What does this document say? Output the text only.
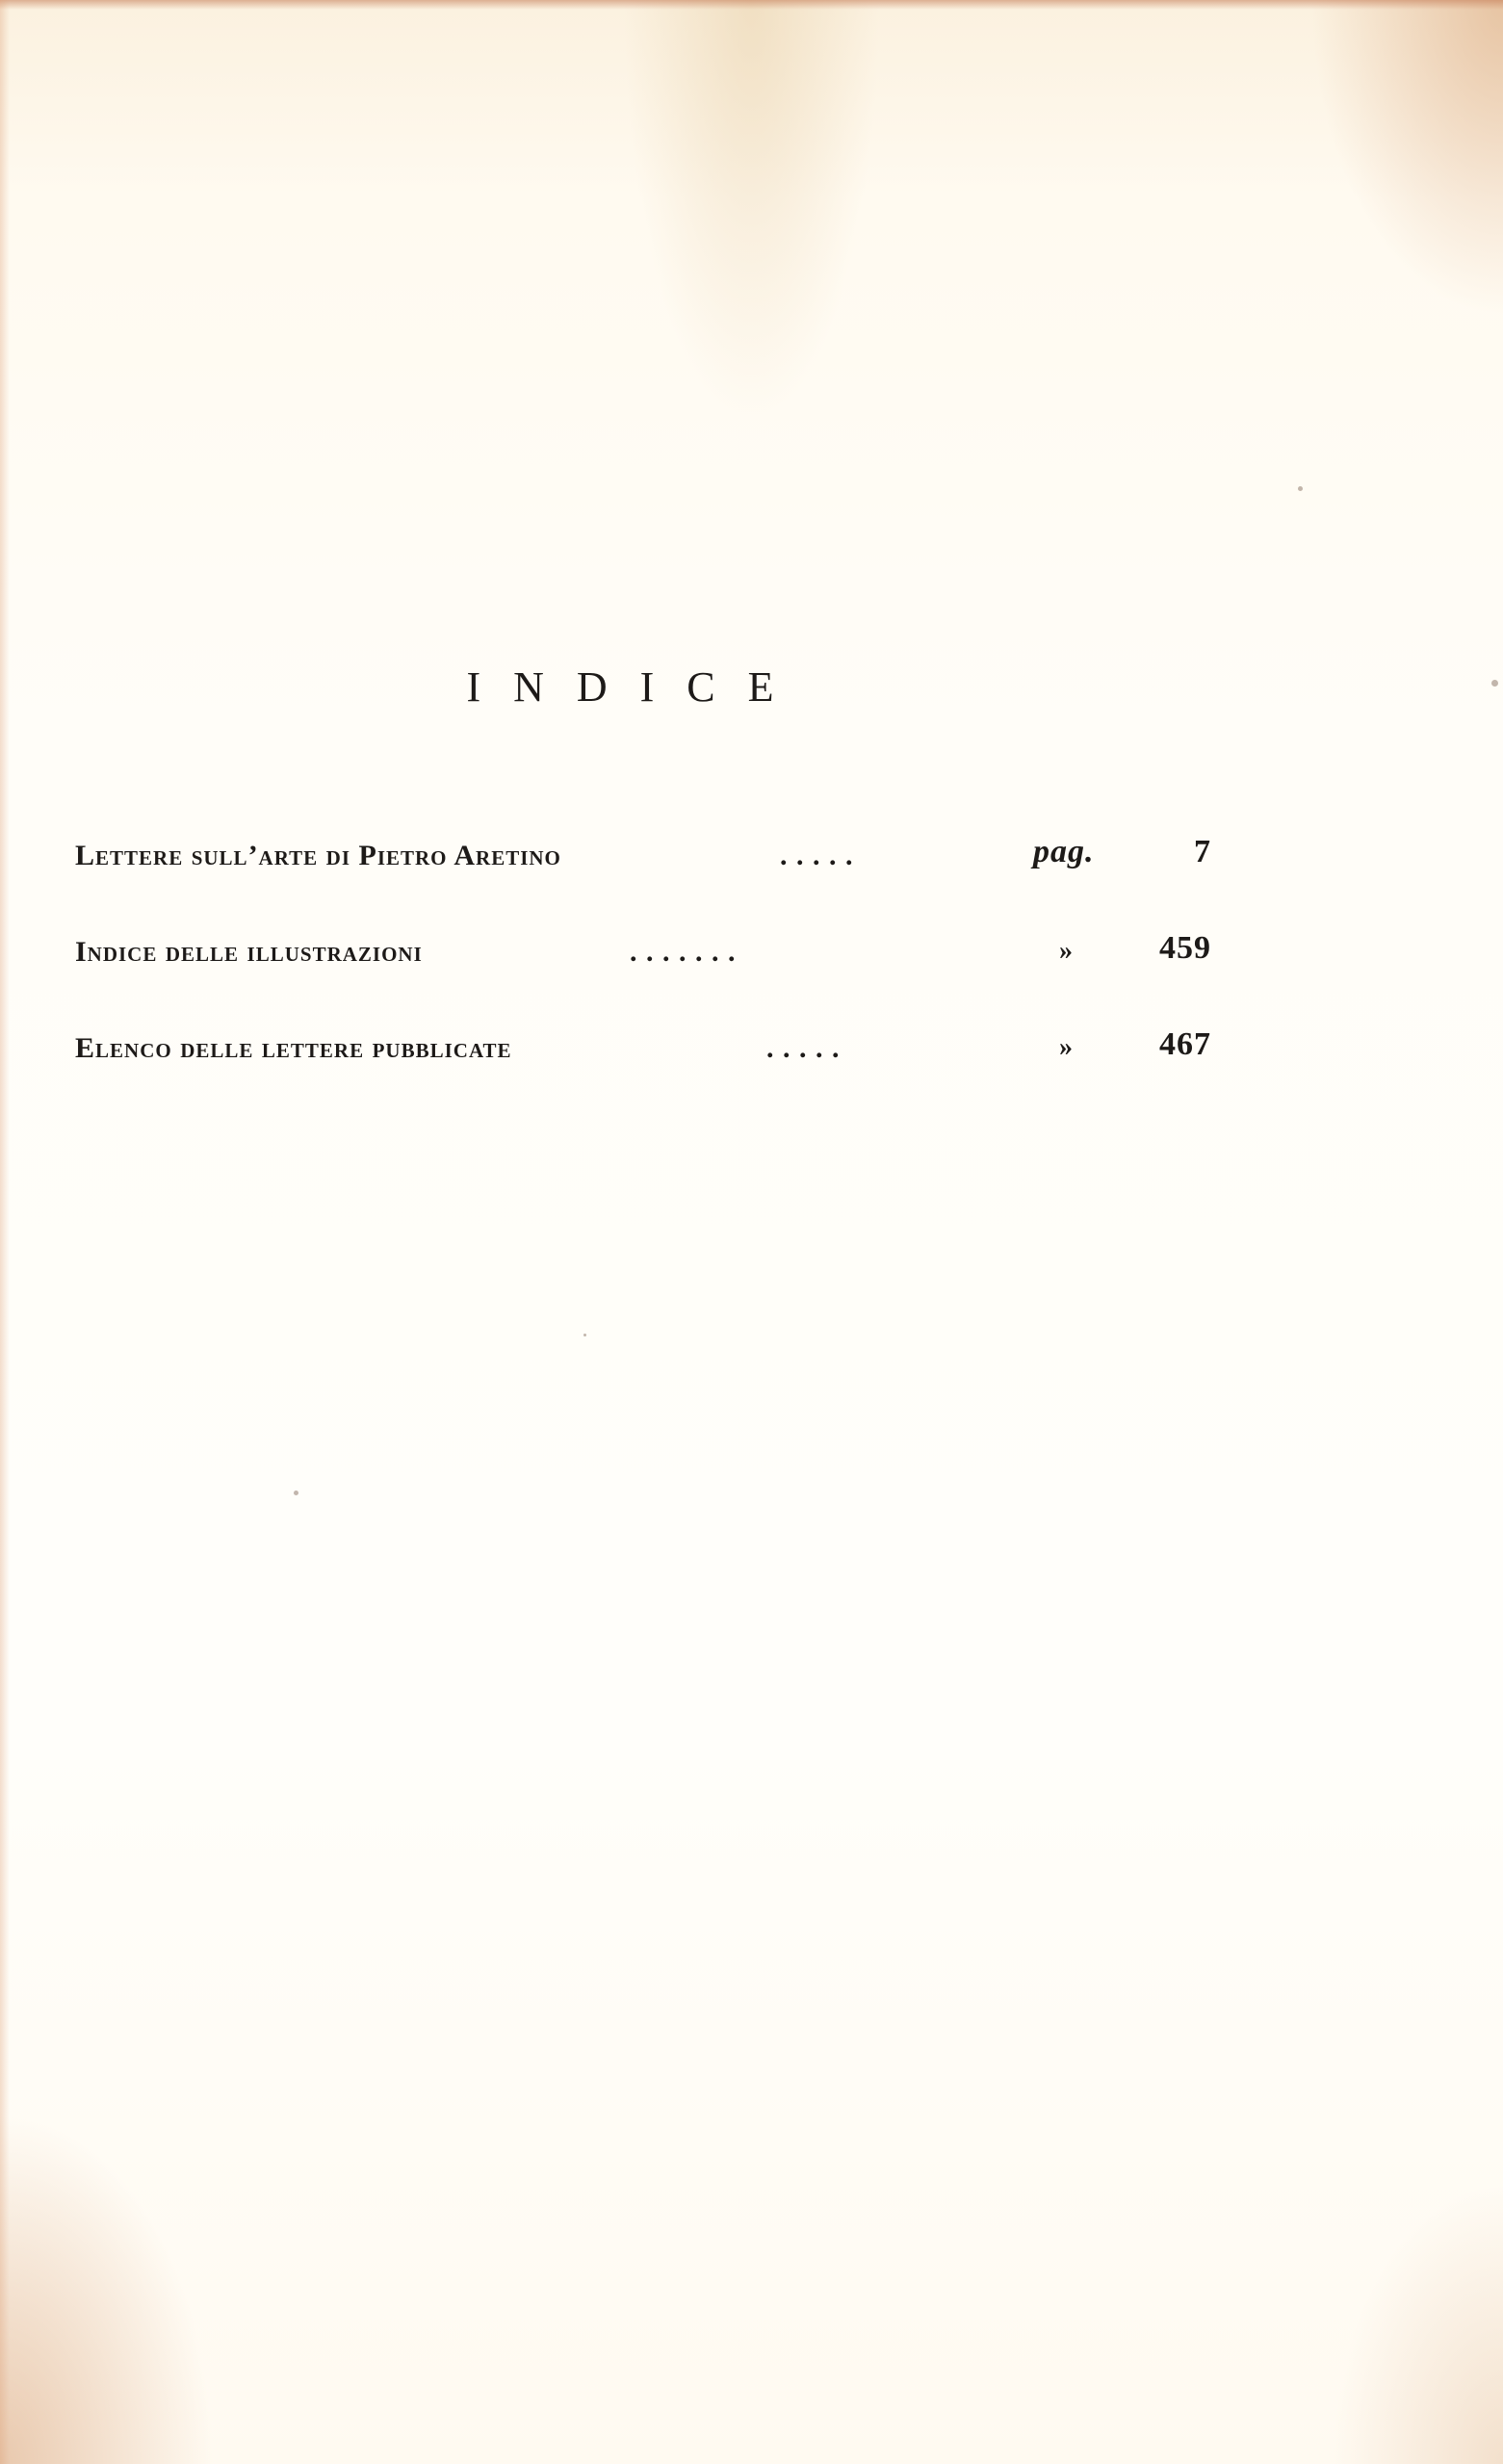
INDICE
Lettere sull’arte di Pietro Aretino	. . . . .	pag.	7
Indice delle illustrazioni	. . . . . . .	»	459
Elenco delle lettere pubblicate	. . . . .	»	467
